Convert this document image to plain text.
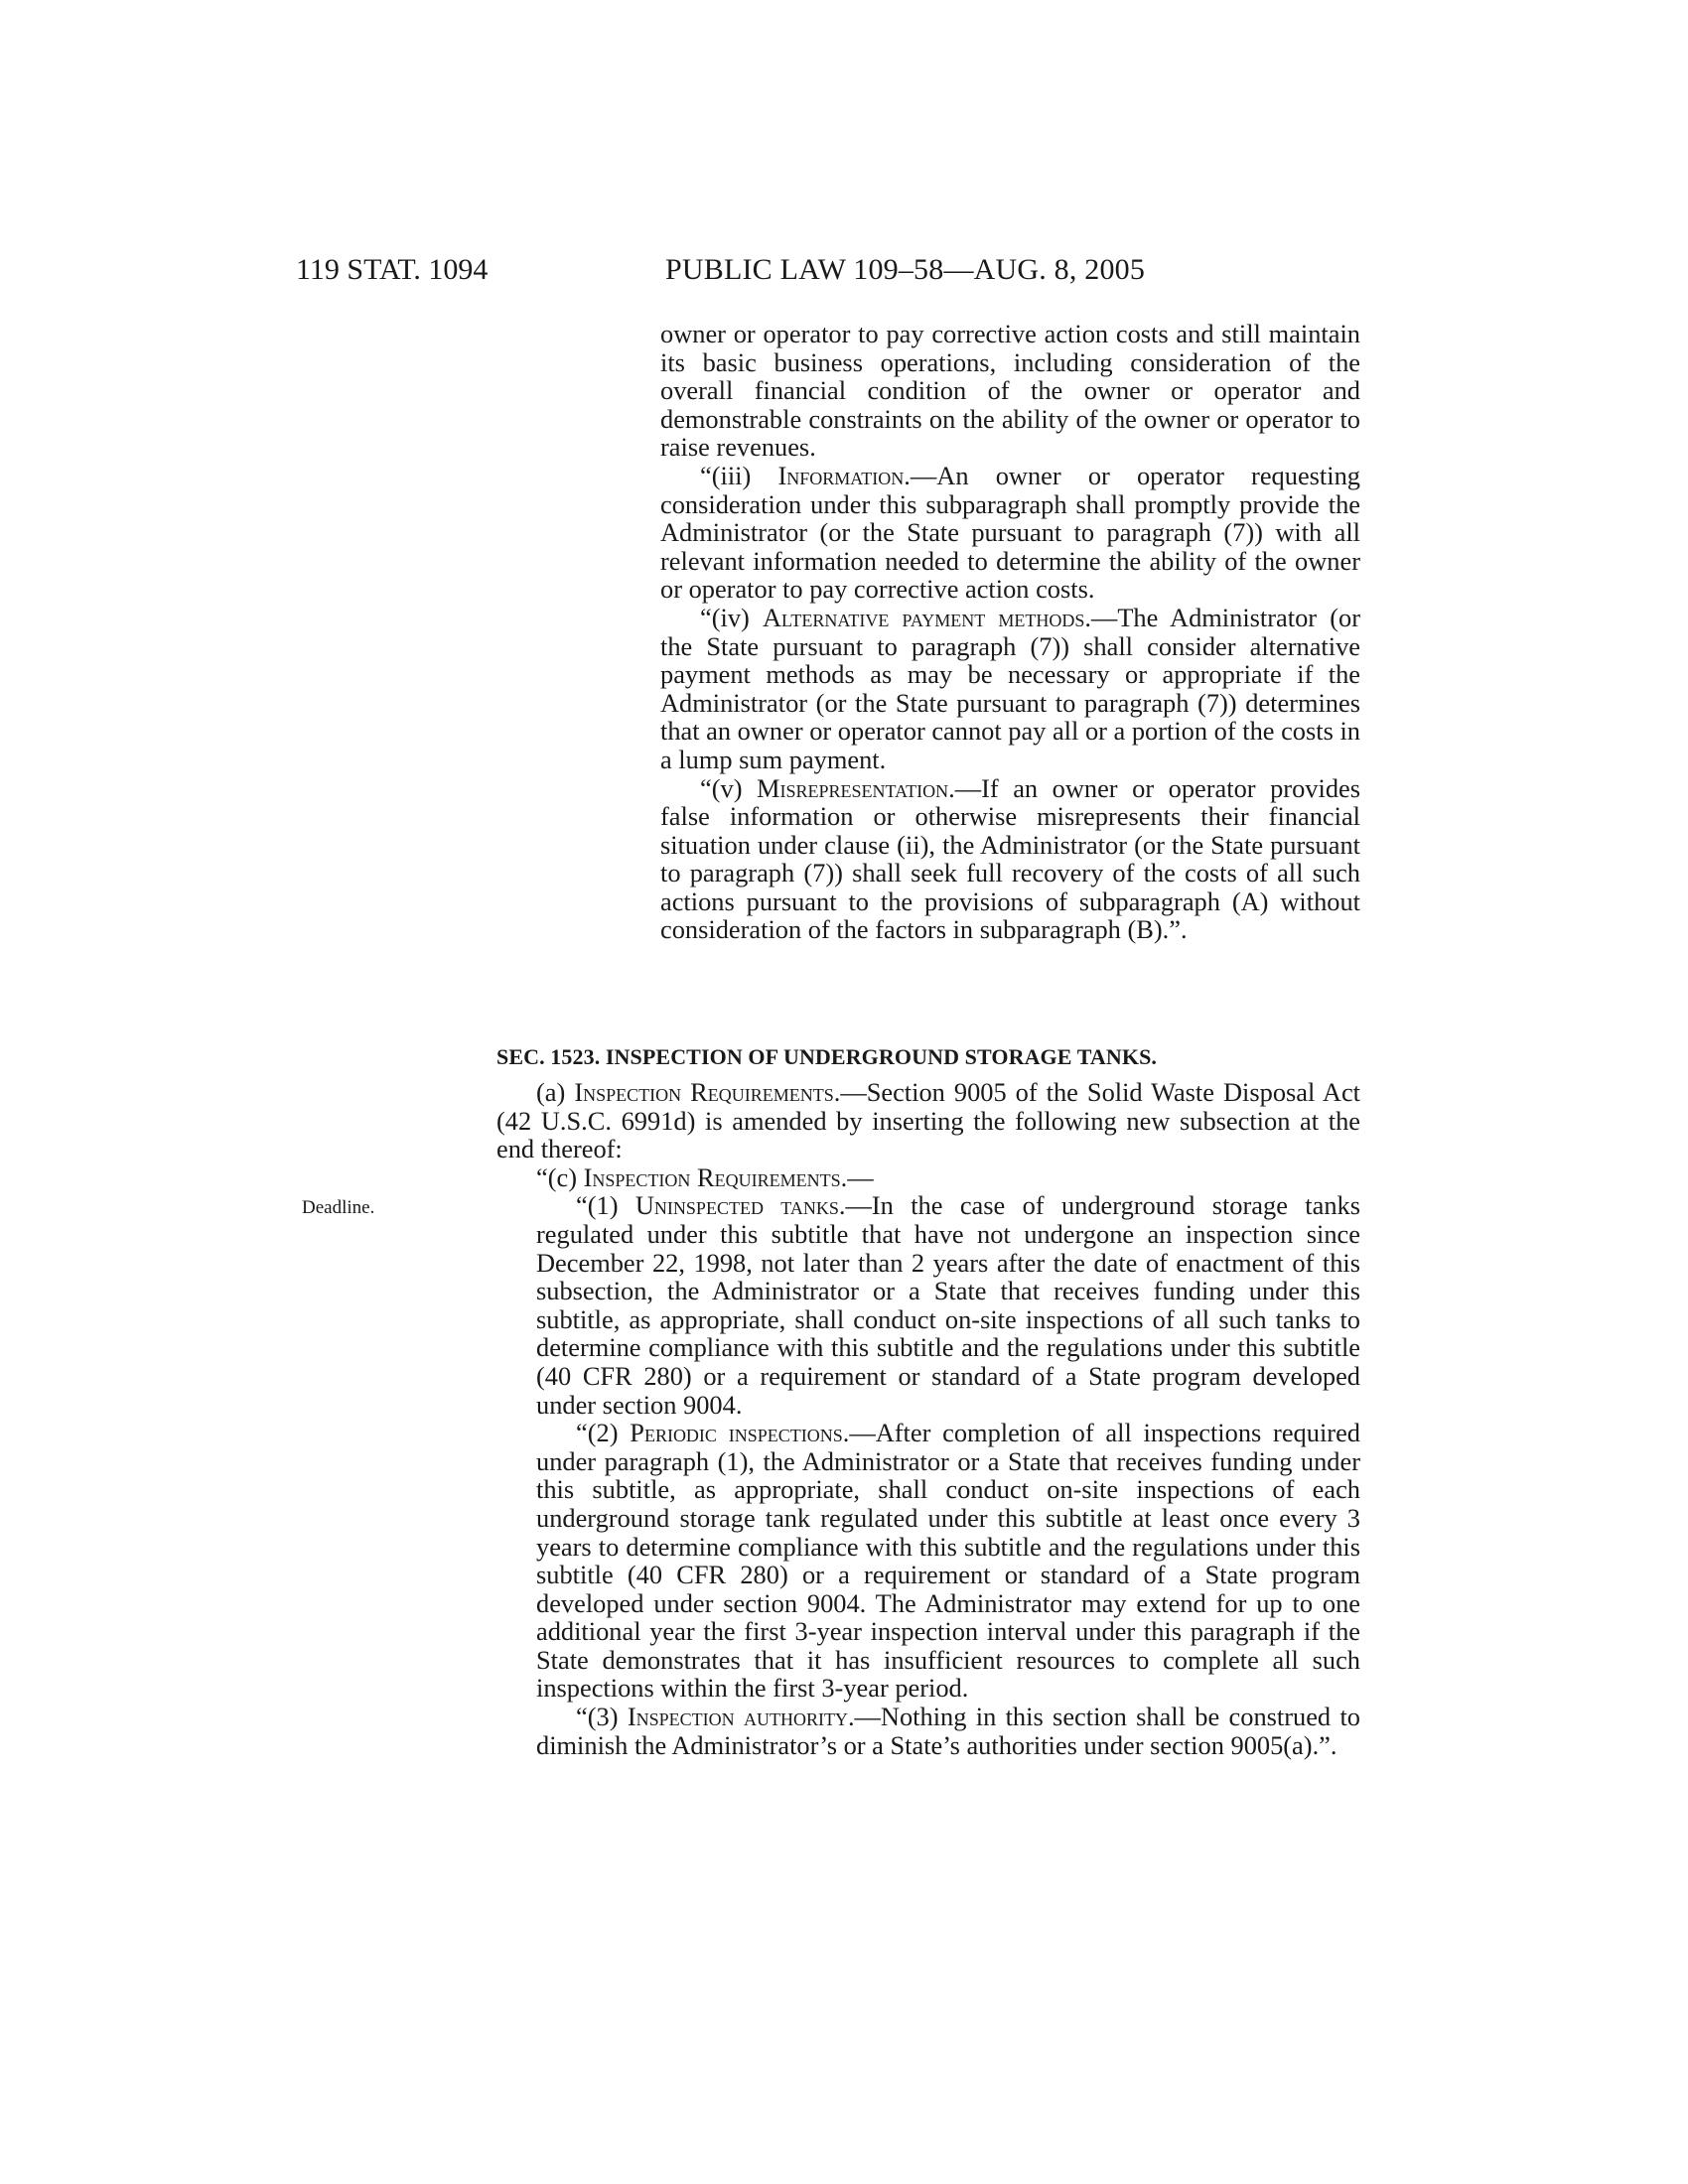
119 STAT. 1094	PUBLIC LAW 109–58—AUG. 8, 2005

owner or operator to pay corrective action costs and still maintain its basic business operations, including consideration of the overall financial condition of the owner or operator and demonstrable constraints on the ability of the owner or operator to raise revenues.

“(iii) Information.—An owner or operator requesting consideration under this subparagraph shall promptly provide the Administrator (or the State pursuant to paragraph (7)) with all relevant information needed to determine the ability of the owner or operator to pay corrective action costs.

“(iv) Alternative payment methods.—The Administrator (or the State pursuant to paragraph (7)) shall consider alternative payment methods as may be necessary or appropriate if the Administrator (or the State pursuant to paragraph (7)) determines that an owner or operator cannot pay all or a portion of the costs in a lump sum payment.

“(v) Misrepresentation.—If an owner or operator provides false information or otherwise misrepresents their financial situation under clause (ii), the Administrator (or the State pursuant to paragraph (7)) shall seek full recovery of the costs of all such actions pursuant to the provisions of subparagraph (A) without consideration of the factors in subparagraph (B).”.

SEC. 1523. INSPECTION OF UNDERGROUND STORAGE TANKS.
Deadline.

(a) Inspection Requirements.—Section 9005 of the Solid Waste Disposal Act (42 U.S.C. 6991d) is amended by inserting the following new subsection at the end thereof:

“(c) Inspection Requirements.—

“(1) Uninspected tanks.—In the case of underground storage tanks regulated under this subtitle that have not undergone an inspection since December 22, 1998, not later than 2 years after the date of enactment of this subsection, the Administrator or a State that receives funding under this subtitle, as appropriate, shall conduct on-site inspections of all such tanks to determine compliance with this subtitle and the regulations under this subtitle (40 CFR 280) or a requirement or standard of a State program developed under section 9004.

“(2) Periodic inspections.—After completion of all inspections required under paragraph (1), the Administrator or a State that receives funding under this subtitle, as appropriate, shall conduct on-site inspections of each underground storage tank regulated under this subtitle at least once every 3 years to determine compliance with this subtitle and the regulations under this subtitle (40 CFR 280) or a requirement or standard of a State program developed under section 9004. The Administrator may extend for up to one additional year the first 3-year inspection interval under this paragraph if the State demonstrates that it has insufficient resources to complete all such inspections within the first 3-year period.

“(3) Inspection authority.—Nothing in this section shall be construed to diminish the Administrator’s or a State’s authorities under section 9005(a).”.
